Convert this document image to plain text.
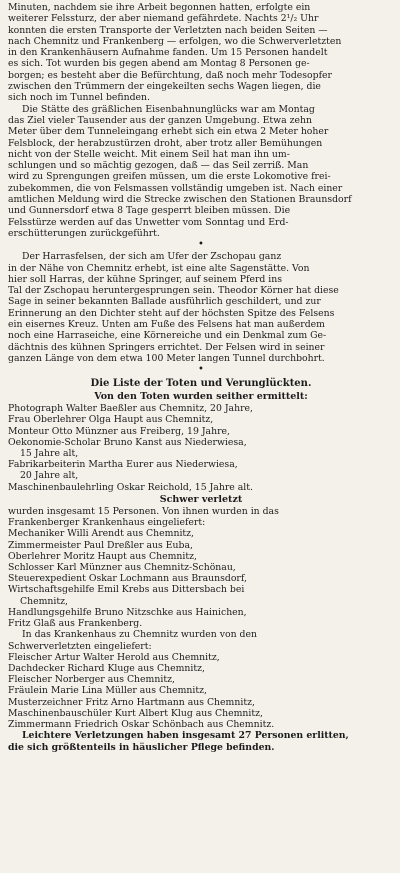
Minuten, nachdem sie ihre Arbeit begonnen hatten, erfolgte ein
weiterer Felssturz, der aber niemand gefährdete. Nachts 2¹/₂ Uhr
konnten die ersten Transporte der Verletzten nach beiden Seiten —
nach Chemnitz und Frankenberg — erfolgen, wo die Schwerverletzten
in den Krankenhäusern Aufnahme fanden. Um 15 Personen handelt
es sich. Tot wurden bis gegen abend am Montag 8 Personen ge-
borgen; es besteht aber die Befürchtung, daß noch mehr Todesopfer
zwischen den Trümmern der eingekeilten sechs Wagen liegen, die
sich noch im Tunnel befinden.

Die Stätte des gräßlichen Eisenbahnunglücks war am Montag
das Ziel vieler Tausender aus der ganzen Umgebung. Etwa zehn
Meter über dem Tunneleingang erhebt sich ein etwa 2 Meter hoher
Felsblock, der herabzustürzen droht, aber trotz aller Bemühungen
nicht von der Stelle weicht. Mit einem Seil hat man ihn um-
schlungen und so mächtig gezogen, daß — das Seil zerriß. Man
wird zu Sprengungen greifen müssen, um die erste Lokomotive frei-
zubekommen, die von Felsmassen vollständig umgeben ist. Nach einer
amtlichen Meldung wird die Strecke zwischen den Stationen Braunsdorf
und Gunnersdorf etwa 8 Tage gesperrt bleiben müssen. Die
Felsstürze werden auf das Unwetter vom Sonntag und Erd-
erschütterungen zurückgeführt.

•

Der Harrasfelsen, der sich am Ufer der Zschopau ganz
in der Nähe von Chemnitz erhebt, ist eine alte Sagenstätte. Von
hier soll Harras, der kühne Springer, auf seinem Pferd ins
Tal der Zschopau heruntergesprungen sein. Theodor Körner hat diese
Sage in seiner bekannten Ballade ausführlich geschildert, und zur
Erinnerung an den Dichter steht auf der höchsten Spitze des Felsens
ein eisernes Kreuz. Unten am Fuße des Felsens hat man außerdem
noch eine Harraseiche, eine Körnereiche und ein Denkmal zum Ge-
dächtnis des kühnen Springers errichtet. Der Felsen wird in seiner
ganzen Länge von dem etwa 100 Meter langen Tunnel durchbohrt.

•
Die Liste der Toten und Verunglückten.
Von den Toten wurden seither ermittelt:
Photograph Walter Baeßler aus Chemnitz, 20 Jahre,
Frau Oberlehrer Olga Haupt aus Chemnitz,
Monteur Otto Münzner aus Freiberg, 19 Jahre,
Oekonomie-Scholar Bruno Kanst aus Niederwiesa,
15 Jahre alt,
Fabrikarbeiterin Martha Eurer aus Niederwiesa,
20 Jahre alt,
Maschinenbaulehrling Oskar Reichold, 15 Jahre alt.
Schwer verletzt

wurden insgesamt 15 Personen. Von ihnen wurden in das
Frankenberger Krankenhaus eingeliefert:

Mechaniker Willi Arendt aus Chemnitz,
Zimmermeister Paul Dreßler aus Euba,
Oberlehrer Moritz Haupt aus Chemnitz,
Schlosser Karl Münzner aus Chemnitz-Schönau,
Steuerexpedient Oskar Lochmann aus Braunsdorf,
Wirtschaftsgehilfe Emil Krebs aus Dittersbach bei
Chemnitz,
Handlungsgehilfe Bruno Nitzschke aus Hainichen,
Fritz Glaß aus Frankenberg.

In das Krankenhaus zu Chemnitz wurden von den
Schwerverletzten eingeliefert:

Fleischer Artur Walter Herold aus Chemnitz,
Dachdecker Richard Kluge aus Chemnitz,
Fleischer Norberger aus Chemnitz,
Fräulein Marie Lina Müller aus Chemnitz,
Musterzeichner Fritz Arno Hartmann aus Chemnitz,
Maschinenbauschüler Kurt Albert Klug aus Chemnitz,
Zimmermann Friedrich Oskar Schönbach aus Chemnitz.

Leichtere Verletzungen haben insgesamt 27 Personen erlitten,
die sich größtenteils in häuslicher Pflege befinden.
